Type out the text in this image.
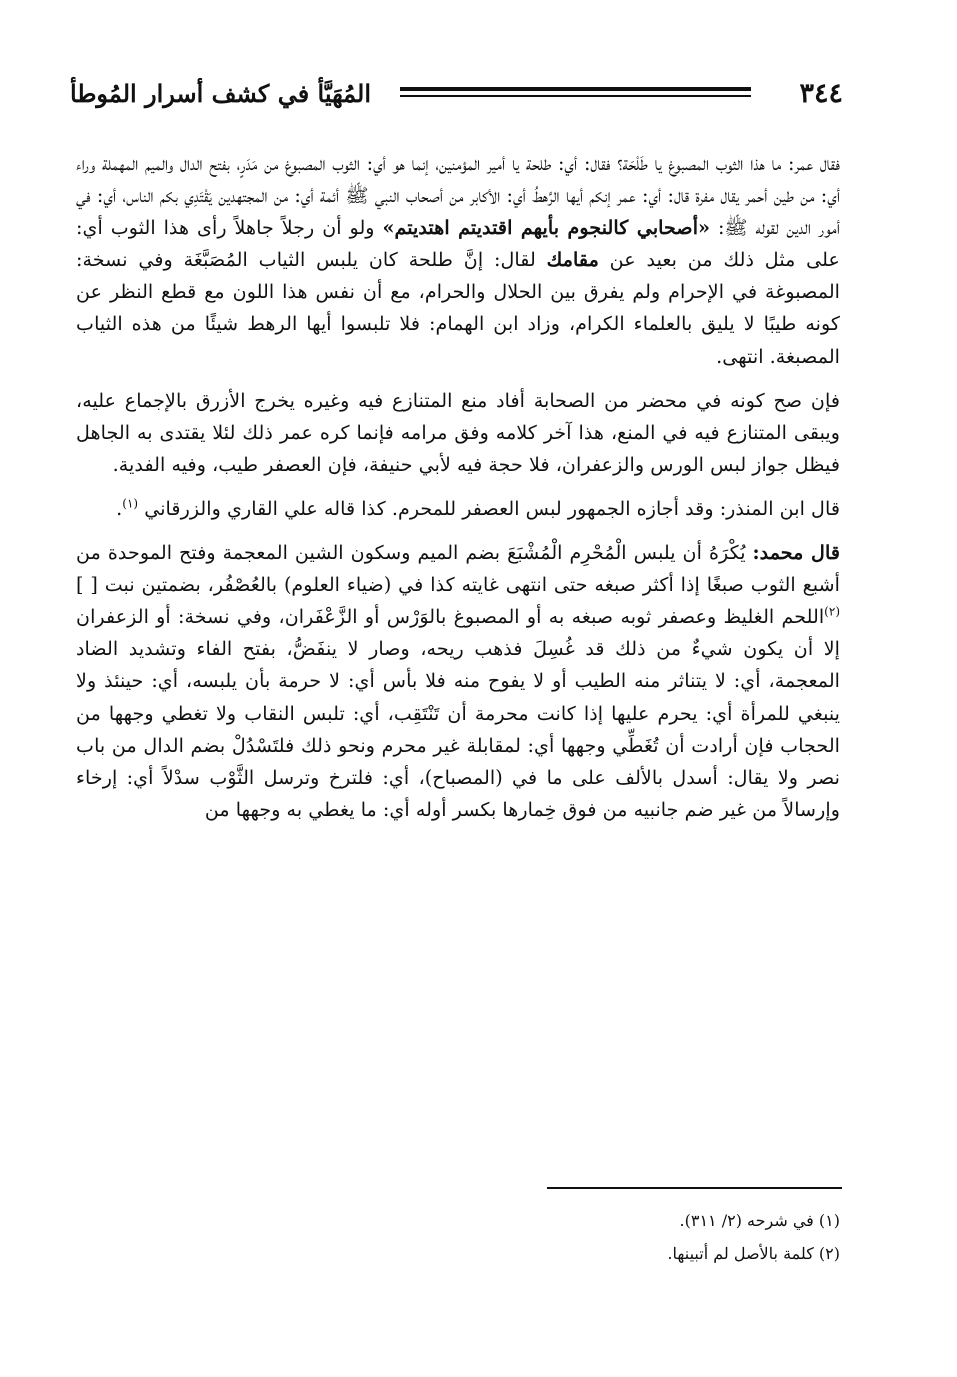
٣٤٤
المُهَيَّأ في كشف أسرار المُوطأ

فقال عمر: ما هذا الثوب المصبوغ يا طَلْحَة؟ فقال: أي: طلحة يا أمير المؤمنين، إنما هو أي: الثوب المصبوغ من مَدَرٍ، بفتح الدال والميم المهملة وراء أي: من طين أحمر يقال مفرة قال: أي: عمر إنكم أيها الرَّهطُ أي: الأكابر من أصحاب النبي ﷺ أئمة أي: من المجتهدين يَقْتَدِي بكم الناس، أي: في أمور الدين لقوله ﷺ: «أصحابي كالنجوم بأيهم اقتديتم اهتديتم» ولو أن رجلاً جاهلاً رأى هذا الثوب أي: على مثل ذلك من بعيد عن مقامك لقال: إنَّ طلحة كان يلبس الثياب المُصَبَّغَة وفي نسخة: المصبوغة في الإحرام ولم يفرق بين الحلال والحرام، مع أن نفس هذا اللون مع قطع النظر عن كونه طيبًا لا يليق بالعلماء الكرام، وزاد ابن الهمام: فلا تلبسوا أيها الرهط شيئًا من هذه الثياب المصبغة. انتهى.

فإن صح كونه في محضر من الصحابة أفاد منع المتنازع فيه وغيره يخرج الأزرق بالإجماع عليه، ويبقى المتنازع فيه في المنع، هذا آخر كلامه وفق مرامه فإنما كره عمر ذلك لئلا يقتدى به الجاهل فيظل جواز لبس الورس والزعفران، فلا حجة فيه لأبي حنيفة، فإن العصفر طيب، وفيه الفدية.

قال ابن المنذر: وقد أجازه الجمهور لبس العصفر للمحرم. كذا قاله علي القاري والزرقاني $^{(١)}$.

قال محمد: يُكْرَهُ أن يلبس الْمُحْرِم الْمُشْبَعَ بضم الميم وسكون الشين المعجمة وفتح الموحدة من أشبع الثوب صبغًا إذا أكثر صبغه حتى انتهى غايته كذا في (ضياء العلوم) بالعُصْفُر، بضمتين نبت [ ] $^{(٢)}$اللحم الغليظ وعصفر ثوبه صبغه به أو المصبوغ بالوَرْس أو الزَّعْفَران، وفي نسخة: أو الزعفران إلا أن يكون شيءٌ من ذلك قد غُسِلَ فذهب ريحه، وصار لا ينفَضُّ، بفتح الفاء وتشديد الضاد المعجمة، أي: لا يتناثر منه الطيب أو لا يفوح منه فلا بأس أي: لا حرمة بأن يلبسه، أي: حينئذ ولا ينبغي للمرأة أي: يحرم عليها إذا كانت محرمة أن تَنْتَقِب، أي: تلبس النقاب ولا تغطي وجهها من الحجاب فإن أرادت أن تُغَطِّي وجهها أي: لمقابلة غير محرم ونحو ذلك فلتَسْدُلْ بضم الدال من باب نصر ولا يقال: أسدل بالألف على ما في (المصباح)، أي: فلترخ وترسل الثَّوْب سدْلاً أي: إرخاء وإرسالاً من غير ضم جانبيه من فوق خِمارها بكسر أوله أي: ما يغطي به وجهها من

(١) في شرحه (٢/ ٣١١).

(٢) كلمة بالأصل لم أتبينها.
